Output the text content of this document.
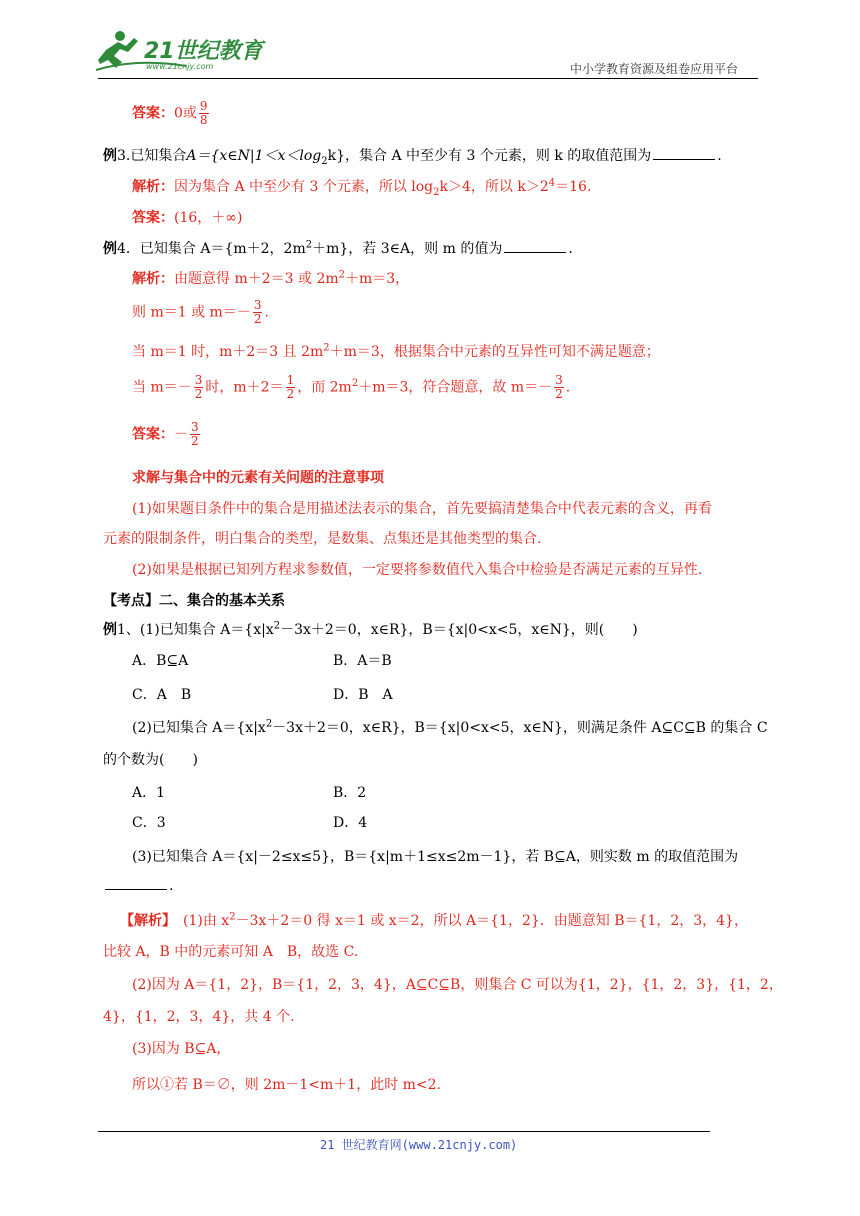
21世纪教育
www.21cnjy.com	中小学教育资源及组卷应用平台
答案：0或 $\frac{9}{8}$
例3.已知集合$A=\{x\in N|1<x<\log_2k\}$，集合 A 中至少有 3 个元素，则 k 的取值范围为	.
解析：因为集合 A 中至少有 3 个元素，所以 $\log_2k>4$，所以 $k>2^4=16$.
答案：(16，＋∞)
例4．已知集合 A＝{m＋2，$2m^2+m$}，若 3∈A，则 m 的值为	.
解析：由题意得 m＋2＝3 或 $2m^2+m=3$，
则 m＝1 或 $m=- \frac{3}{2}$ .
当 m＝1 时，m＋2＝3 且 $2m^2+m=3$，根据集合中元素的互异性可知不满足题意；
当 $m=- \frac{3}{2}$ 时，$m+2= \frac{1}{2}$ ，而 $2m^2+m=3$，符合题意，故 $m=- \frac{3}{2}$ .
答案：－ $\frac{3}{2}$
求解与集合中的元素有关问题的注意事项
(1)如果题目条件中的集合是用描述法表示的集合，首先要搞清楚集合中代表元素的含义，再看
元素的限制条件，明白集合的类型，是数集、点集还是其他类型的集合.
(2)如果是根据已知列方程求参数值，一定要将参数值代入集合中检验是否满足元素的互异性.
【考点】二、集合的基本关系
例1、(1)已知集合 $A=\{x|x^2-3x+2=0$，x∈R}，B＝{x|0<x<5，x∈N}，则(　　)
A．B⊆A	B．A＝B
C．A　B	D．B　A
(2)已知集合 $A=\{x|x^2-3x+2=0$，x∈R}，B＝{x|0<x<5，x∈N}，则满足条件 A⊆C⊆B 的集合 C
的个数为(　　)
A．1	B．2
C．3	D．4
(3)已知集合 A＝{x|－2≤x≤5}，B＝{x|m＋1≤x≤2m－1}，若 B⊆A，则实数 m 的取值范围为
.
【解析】　(1)由 $x^2-3x+2=0$ 得 x＝1 或 x＝2，所以 A＝{1，2}．由题意知 B＝{1，2，3，4}，
比较 A，B 中的元素可知 A　B，故选 C.
(2)因为 A＝{1，2}，B＝{1，2，3，4}，A⊆C⊆B，则集合 C 可以为{1，2}，{1，2，3}，{1，2，
4}，{1，2，3，4}，共 4 个.
(3)因为 B⊆A，
所以①若 B＝∅，则 2m－1<m＋1，此时 m<2.
21 世纪教育网(www.21cnjy.com)
